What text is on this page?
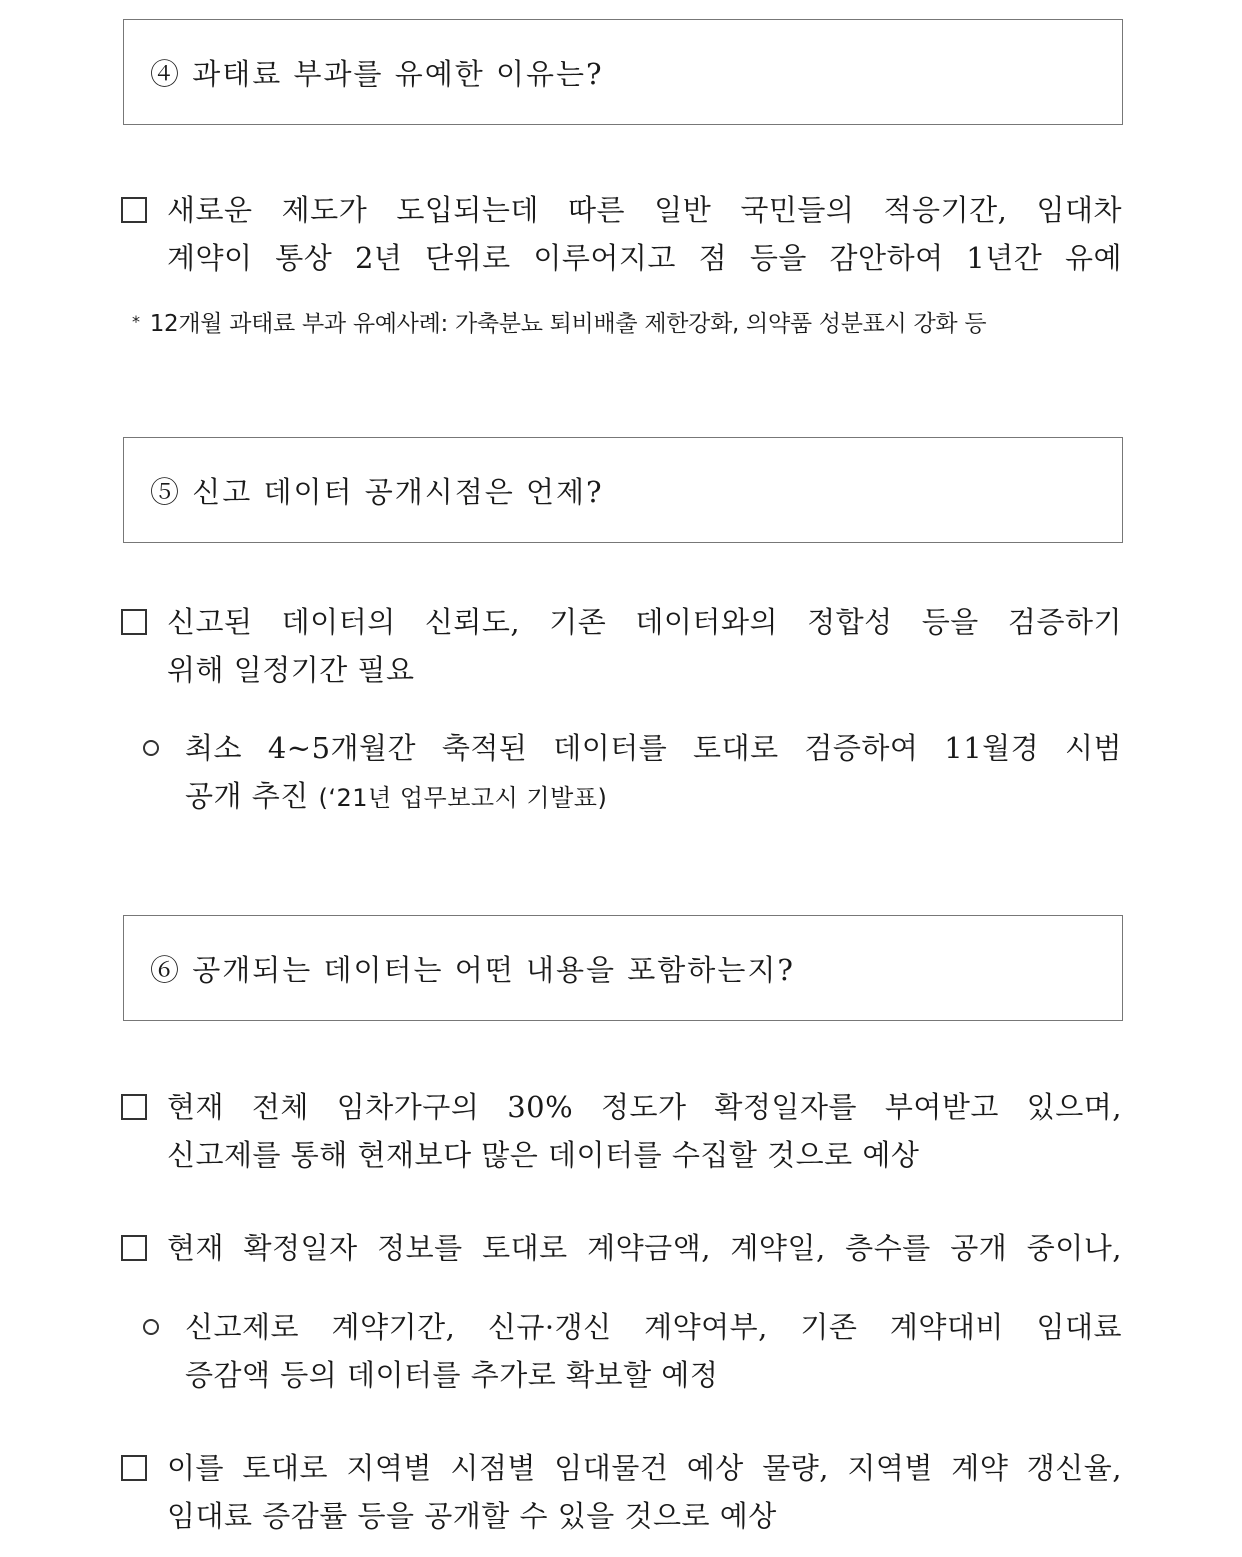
④ 과태료 부과를 유예한 이유는?
새로운 제도가 도입되는데 따른 일반 국민들의 적응기간, 임대차
계약이 통상 2년 단위로 이루어지고 점 등을 감안하여 1년간 유예
* 12개월 과태료 부과 유예사례: 가축분뇨 퇴비배출 제한강화, 의약품 성분표시 강화 등
⑤ 신고 데이터 공개시점은 언제?
신고된 데이터의 신뢰도, 기존 데이터와의 정합성 등을 검증하기
위해 일정기간 필요
최소 4~5개월간 축적된 데이터를 토대로 검증하여 11월경 시범
공개 추진 (‘21년 업무보고시 기발표)
⑥ 공개되는 데이터는 어떤 내용을 포함하는지?
현재 전체 임차가구의 30% 정도가 확정일자를 부여받고 있으며,
신고제를 통해 현재보다 많은 데이터를 수집할 것으로 예상
현재 확정일자 정보를 토대로 계약금액, 계약일, 층수를 공개 중이나,
신고제로 계약기간, 신규·갱신 계약여부, 기존 계약대비 임대료
증감액 등의 데이터를 추가로 확보할 예정
이를 토대로 지역별 시점별 임대물건 예상 물량, 지역별 계약 갱신율,
임대료 증감률 등을 공개할 수 있을 것으로 예상
